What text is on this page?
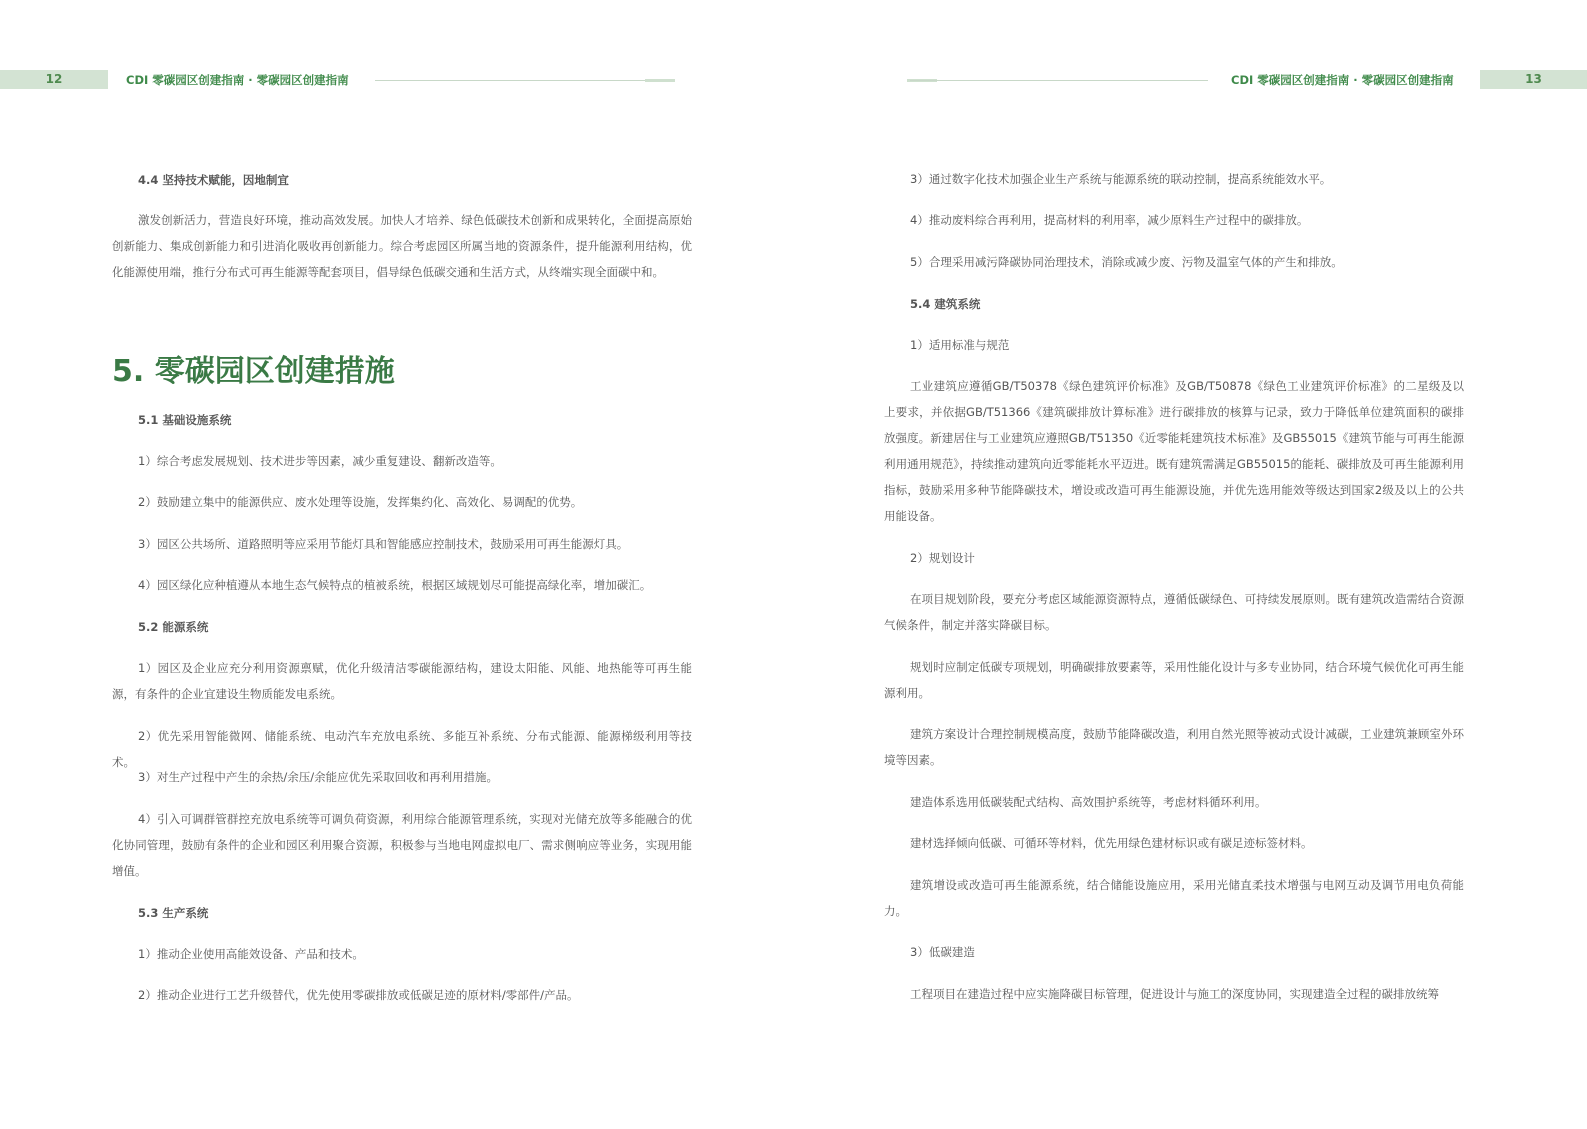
12	CDI 零碳园区创建指南 · 零碳园区创建指南
4.4 坚持技术赋能，因地制宜

激发创新活力，营造良好环境，推动高效发展。加快人才培养、绿色低碳技术创新和成果转化，全面提高原始创新能力、集成创新能力和引进消化吸收再创新能力。综合考虑园区所属当地的资源条件，提升能源利用结构，优化能源使用端，推行分布式可再生能源等配套项目，倡导绿色低碳交通和生活方式，从终端实现全面碳中和。

5. 零碳园区创建措施
5.1 基础设施系统

1）综合考虑发展规划、技术进步等因素，减少重复建设、翻新改造等。

2）鼓励建立集中的能源供应、废水处理等设施，发挥集约化、高效化、易调配的优势。

3）园区公共场所、道路照明等应采用节能灯具和智能感应控制技术，鼓励采用可再生能源灯具。

4）园区绿化应种植遵从本地生态气候特点的植被系统，根据区域规划尽可能提高绿化率，增加碳汇。

5.2 能源系统

1）园区及企业应充分利用资源禀赋，优化升级清洁零碳能源结构，建设太阳能、风能、地热能等可再生能源，有条件的企业宜建设生物质能发电系统。

2）优先采用智能微网、储能系统、电动汽车充放电系统、多能互补系统、分布式能源、能源梯级利用等技术。

3）对生产过程中产生的余热/余压/余能应优先采取回收和再利用措施。

4）引入可调群管群控充放电系统等可调负荷资源，利用综合能源管理系统，实现对光储充放等多能融合的优化协同管理，鼓励有条件的企业和园区利用聚合资源，积极参与当地电网虚拟电厂、需求侧响应等业务，实现用能增值。

5.3 生产系统

1）推动企业使用高能效设备、产品和技术。

2）推动企业进行工艺升级替代，优先使用零碳排放或低碳足迹的原材料/零部件/产品。

CDI 零碳园区创建指南 · 零碳园区创建指南	13

3）通过数字化技术加强企业生产系统与能源系统的联动控制，提高系统能效水平。

4）推动废料综合再利用，提高材料的利用率，减少原料生产过程中的碳排放。

5）合理采用减污降碳协同治理技术，消除或减少废、污物及温室气体的产生和排放。

5.4 建筑系统

1）适用标准与规范

工业建筑应遵循GB/T50378《绿色建筑评价标准》及GB/T50878《绿色工业建筑评价标准》的二星级及以上要求，并依据GB/T51366《建筑碳排放计算标准》进行碳排放的核算与记录，致力于降低单位建筑面积的碳排放强度。新建居住与工业建筑应遵照GB/T51350《近零能耗建筑技术标准》及GB55015《建筑节能与可再生能源利用通用规范》，持续推动建筑向近零能耗水平迈进。既有建筑需满足GB55015的能耗、碳排放及可再生能源利用指标，鼓励采用多种节能降碳技术，增设或改造可再生能源设施，并优先选用能效等级达到国家2级及以上的公共用能设备。

2）规划设计

在项目规划阶段，要充分考虑区域能源资源特点，遵循低碳绿色、可持续发展原则。既有建筑改造需结合资源气候条件，制定并落实降碳目标。

规划时应制定低碳专项规划，明确碳排放要素等，采用性能化设计与多专业协同，结合环境气候优化可再生能源利用。

建筑方案设计合理控制规模高度，鼓励节能降碳改造，利用自然光照等被动式设计减碳，工业建筑兼顾室外环境等因素。

建造体系选用低碳装配式结构、高效围护系统等，考虑材料循环利用。

建材选择倾向低碳、可循环等材料，优先用绿色建材标识或有碳足迹标签材料。

建筑增设或改造可再生能源系统，结合储能设施应用，采用光储直柔技术增强与电网互动及调节用电负荷能力。

3）低碳建造

工程项目在建造过程中应实施降碳目标管理，促进设计与施工的深度协同，实现建造全过程的碳排放统筹
